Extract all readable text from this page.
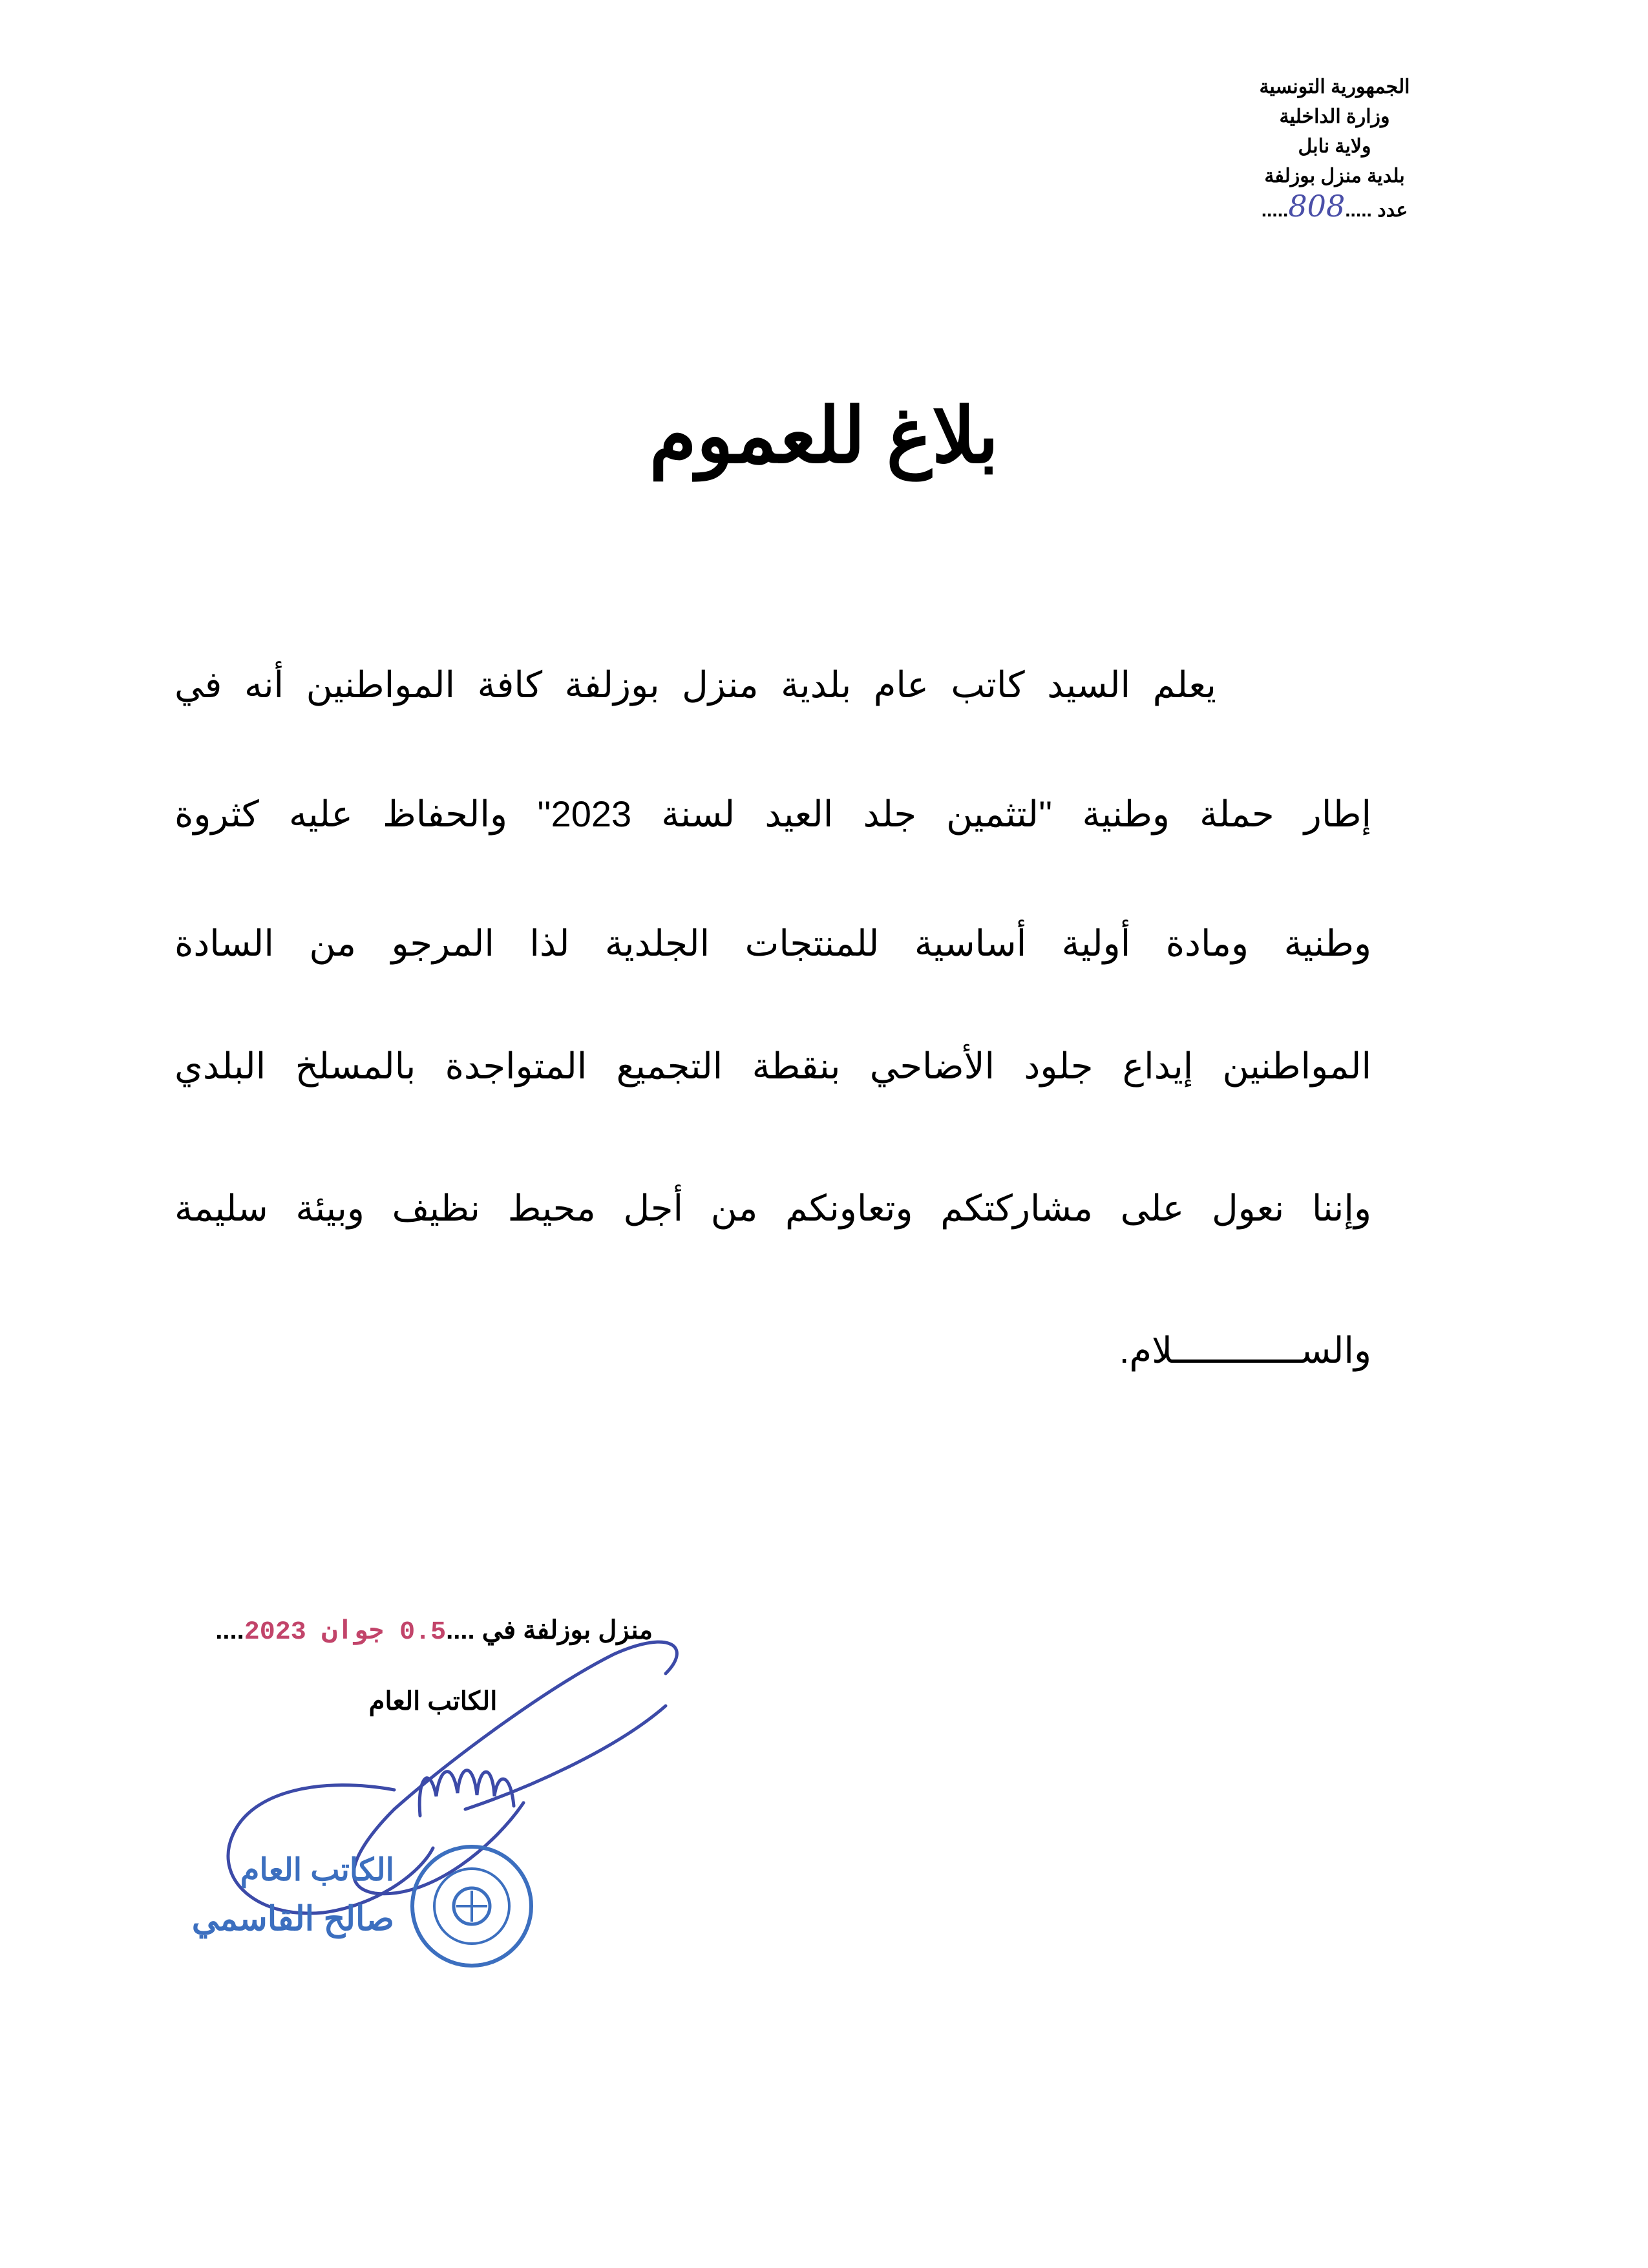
الجمهورية التونسية
وزارة الداخلية
ولاية نابل
بلدية منزل بوزلفة
عدد .....808.....
بلاغ للعموم
يعلم السيد كاتب عام بلدية منزل بوزلفة كافة المواطنين أنه في
إطار حملة وطنية ''لتثمين جلد العيد لسنة 2023'' والحفاظ عليه كثروة
وطنية ومادة أولية أساسية للمنتجات الجلدية لذا المرجو من السادة
المواطنين إيداع جلود الأضاحي بنقطة التجميع المتواجدة بالمسلخ البلدي
وإننا نعول على مشاركتكم وتعاونكم من أجل محيط نظيف وبيئة سليمة
والســــــــــــلام.
منزل بوزلفة في ....0.5 جوان 2023....
الكاتب العام
الكاتب العام
صالح القاسمي
